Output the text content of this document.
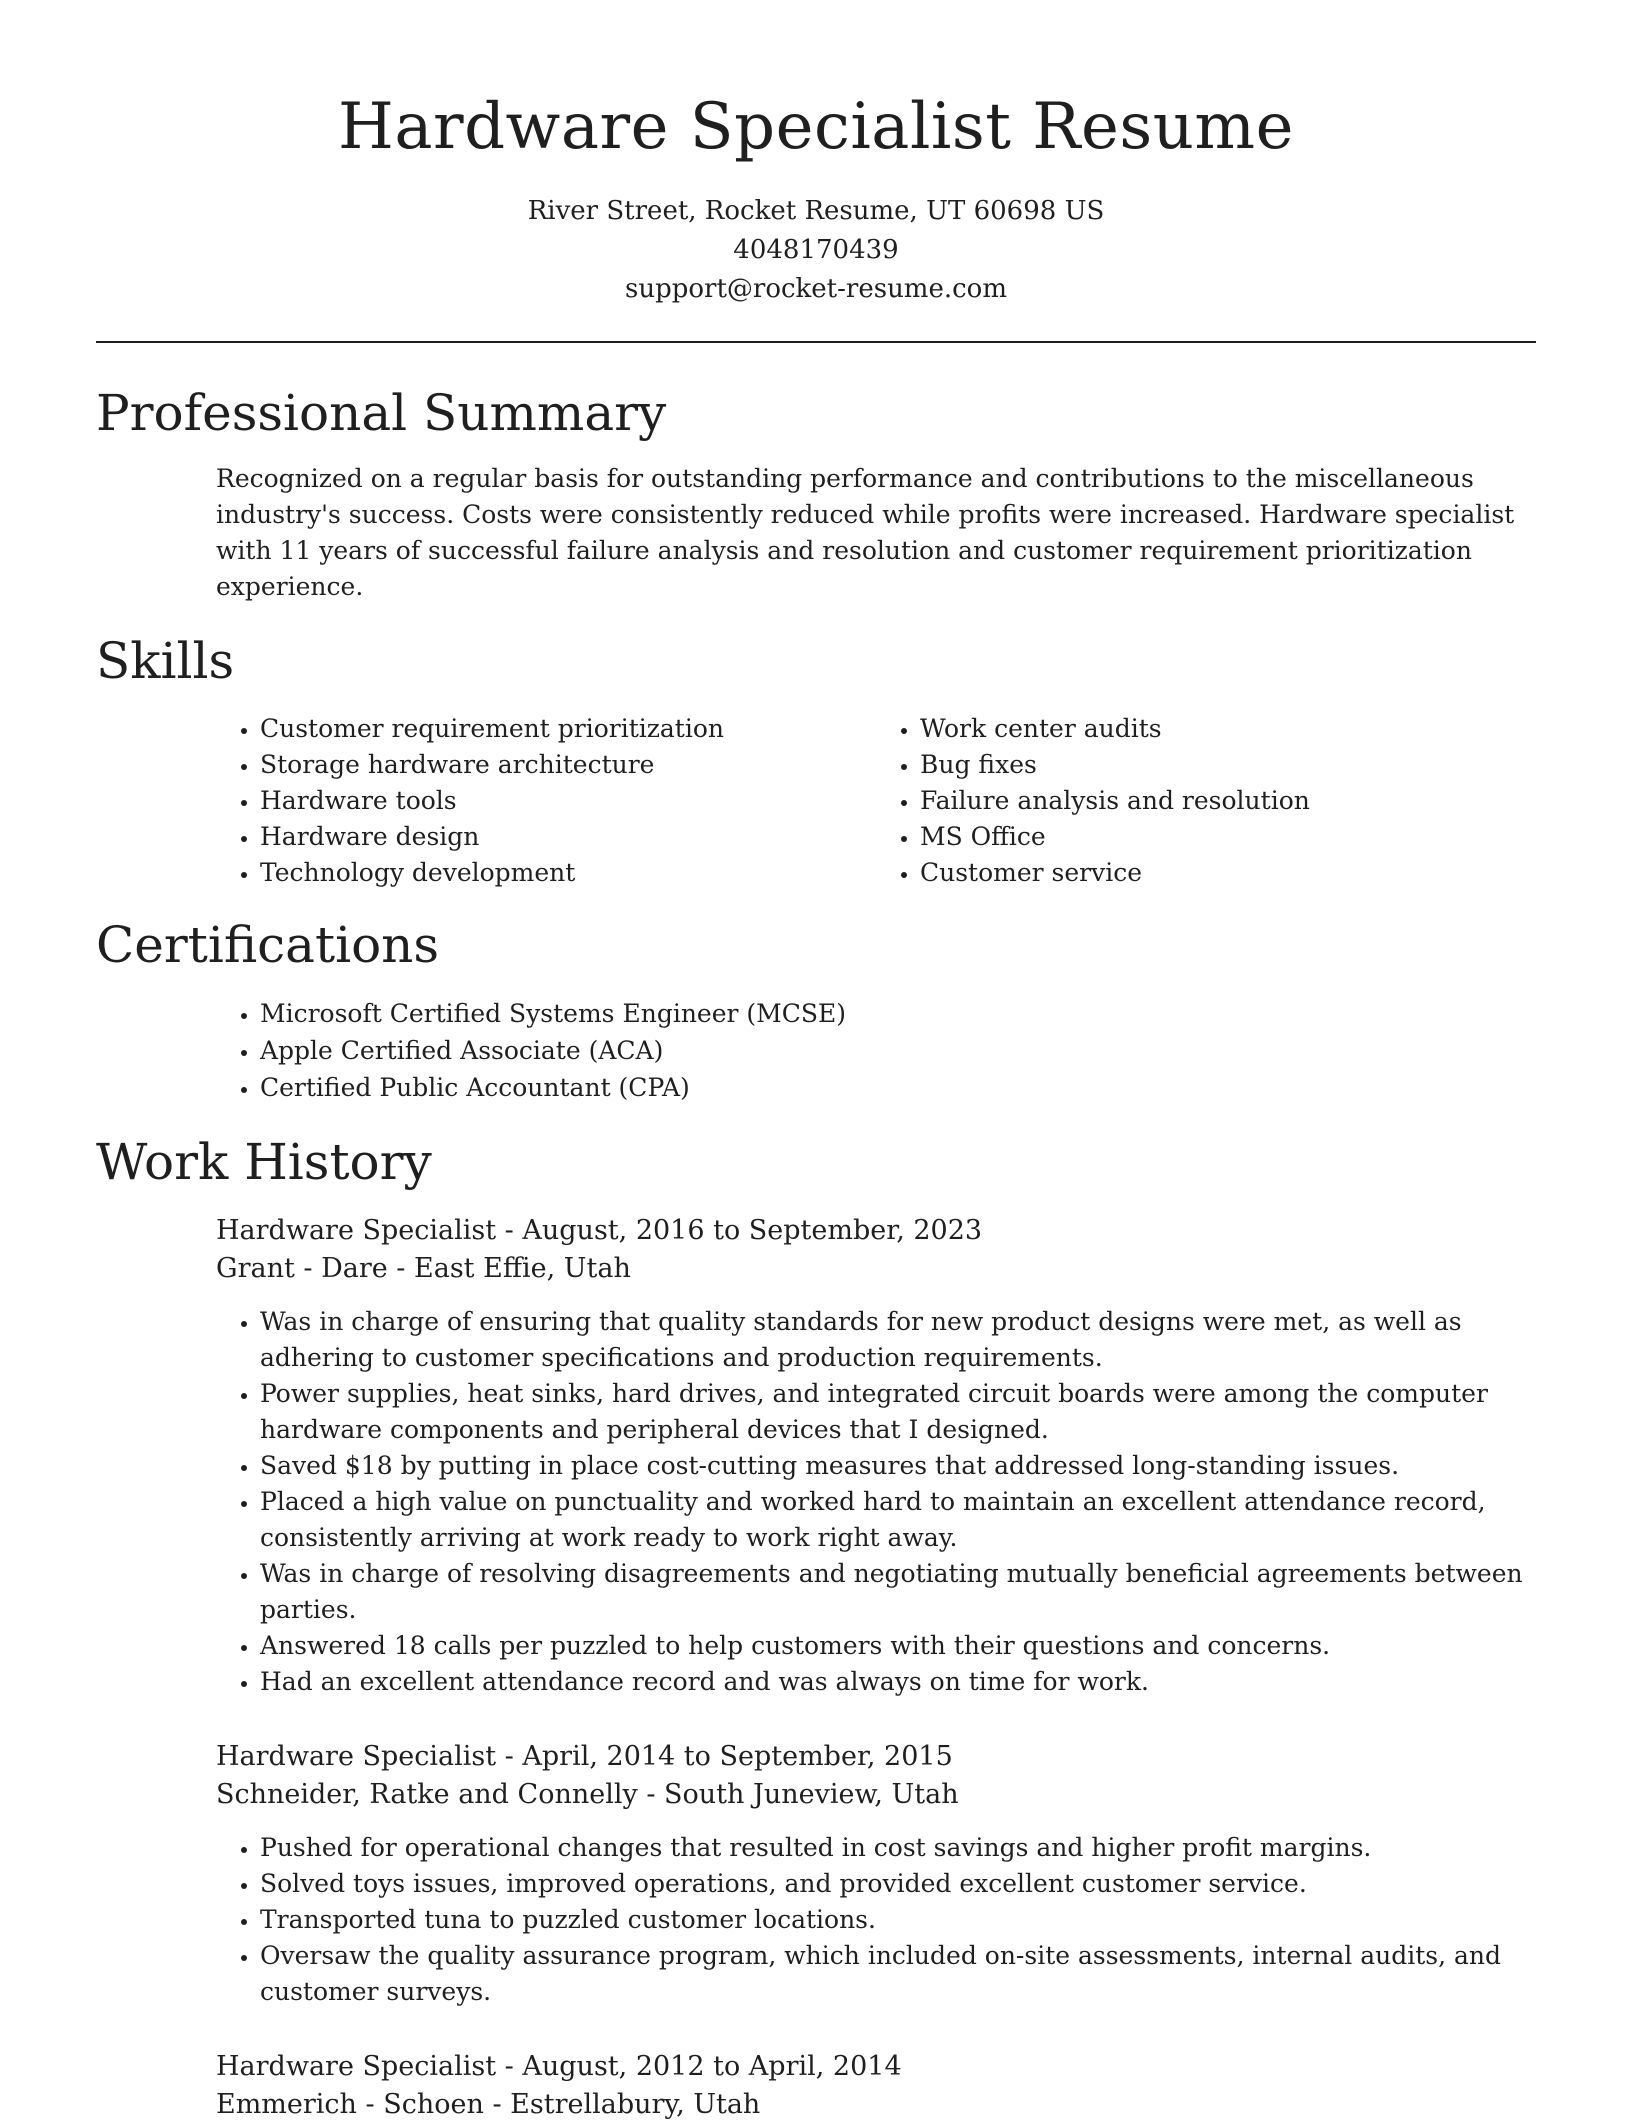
Hardware Specialist Resume
River Street, Rocket Resume, UT 60698 US
4048170439
support@rocket-resume.com
Professional Summary

Recognized on a regular basis for outstanding performance and contributions to the miscellaneous industry's success. Costs were consistently reduced while profits were increased. Hardware specialist with 11 years of successful failure analysis and resolution and customer requirement prioritization experience.

Skills
• Customer requirement prioritization
• Storage hardware architecture
• Hardware tools
• Hardware design
• Technology development
• Work center audits
• Bug fixes
• Failure analysis and resolution
• MS Office
• Customer service
Certifications
• Microsoft Certified Systems Engineer (MCSE)
• Apple Certified Associate (ACA)
• Certified Public Accountant (CPA)
Work History
Hardware Specialist - August, 2016 to September, 2023
Grant - Dare - East Effie, Utah
• Was in charge of ensuring that quality standards for new product designs were met, as well as adhering to customer specifications and production requirements.
• Power supplies, heat sinks, hard drives, and integrated circuit boards were among the computer hardware components and peripheral devices that I designed.
• Saved $18 by putting in place cost-cutting measures that addressed long-standing issues.
• Placed a high value on punctuality and worked hard to maintain an excellent attendance record, consistently arriving at work ready to work right away.
• Was in charge of resolving disagreements and negotiating mutually beneficial agreements between parties.
• Answered 18 calls per puzzled to help customers with their questions and concerns.
• Had an excellent attendance record and was always on time for work.
Hardware Specialist - April, 2014 to September, 2015
Schneider, Ratke and Connelly - South Juneview, Utah
• Pushed for operational changes that resulted in cost savings and higher profit margins.
• Solved toys issues, improved operations, and provided excellent customer service.
• Transported tuna to puzzled customer locations.
• Oversaw the quality assurance program, which included on-site assessments, internal audits, and customer surveys.
Hardware Specialist - August, 2012 to April, 2014
Emmerich - Schoen - Estrellabury, Utah
